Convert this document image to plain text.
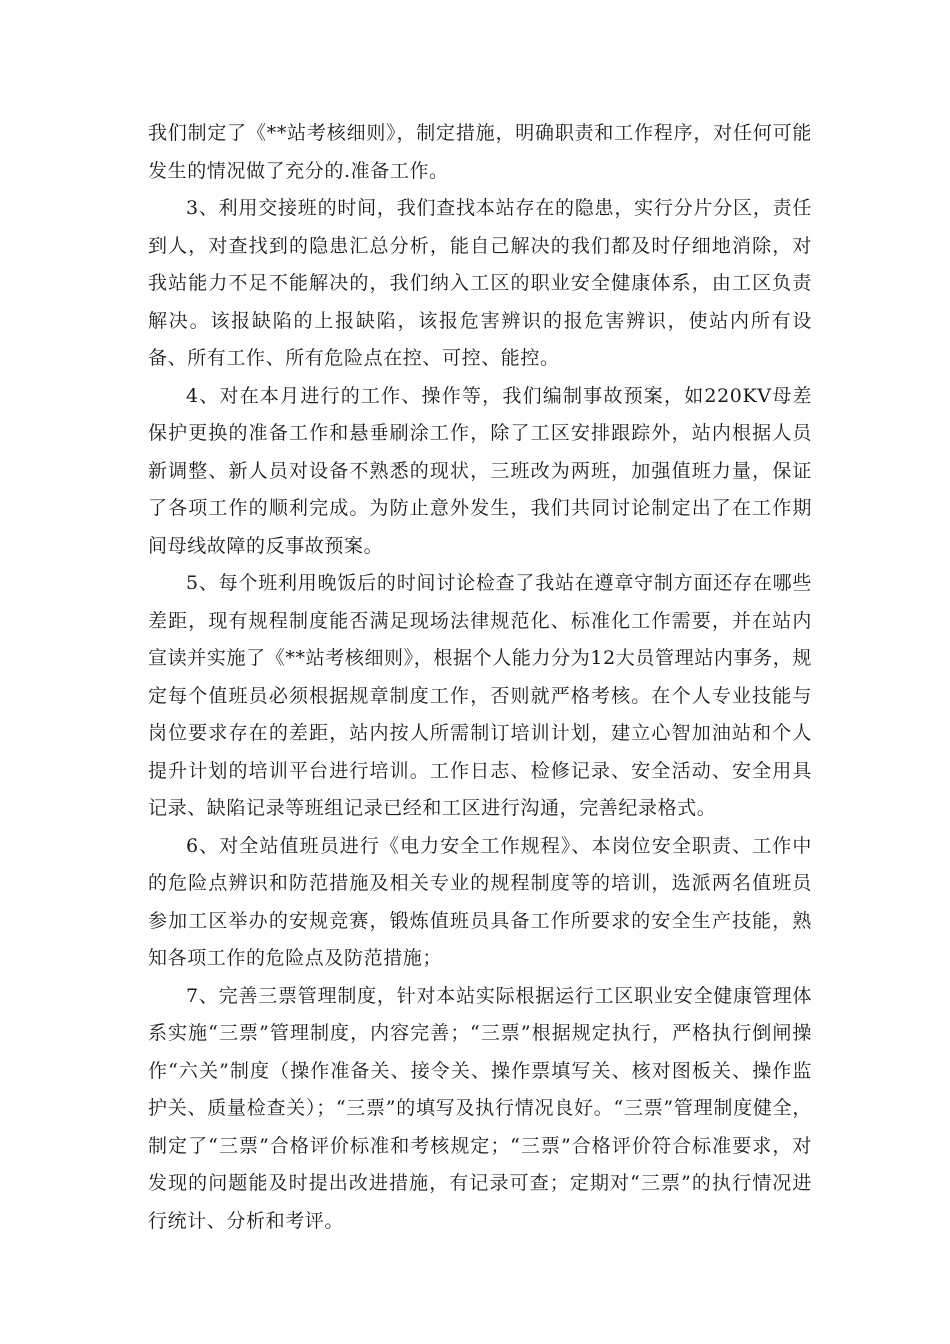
我们制定了《**站考核细则》，制定措施，明确职责和工作程序，对任何可能发生的情况做了充分的.准备工作。

3、利用交接班的时间，我们查找本站存在的隐患，实行分片分区，责任到人，对查找到的隐患汇总分析，能自己解决的我们都及时仔细地消除，对我站能力不足不能解决的，我们纳入工区的职业安全健康体系，由工区负责解决。该报缺陷的上报缺陷，该报危害辨识的报危害辨识，使站内所有设备、所有工作、所有危险点在控、可控、能控。

4、对在本月进行的工作、操作等，我们编制事故预案，如220KV母差保护更换的准备工作和悬垂刷涂工作，除了工区安排跟踪外，站内根据人员新调整、新人员对设备不熟悉的现状，三班改为两班，加强值班力量，保证了各项工作的顺利完成。为防止意外发生，我们共同讨论制定出了在工作期间母线故障的反事故预案。

5、每个班利用晚饭后的时间讨论检查了我站在遵章守制方面还存在哪些差距，现有规程制度能否满足现场法律规范化、标准化工作需要，并在站内宣读并实施了《**站考核细则》，根据个人能力分为12大员管理站内事务，规定每个值班员必须根据规章制度工作，否则就严格考核。在个人专业技能与岗位要求存在的差距，站内按人所需制订培训计划，建立心智加油站和个人提升计划的培训平台进行培训。工作日志、检修记录、安全活动、安全用具记录、缺陷记录等班组记录已经和工区进行沟通，完善纪录格式。

6、对全站值班员进行《电力安全工作规程》、本岗位安全职责、工作中的危险点辨识和防范措施及相关专业的规程制度等的培训，选派两名值班员参加工区举办的安规竞赛，锻炼值班员具备工作所要求的安全生产技能，熟知各项工作的危险点及防范措施；

7、完善三票管理制度，针对本站实际根据运行工区职业安全健康管理体系实施“三票”管理制度，内容完善；“三票”根据规定执行，严格执行倒闸操作“六关”制度（操作准备关、接令关、操作票填写关、核对图板关、操作监护关、质量检查关）；“三票”的填写及执行情况良好。“三票”管理制度健全，制定了“三票”合格评价标准和考核规定；“三票”合格评价符合标准要求，对发现的问题能及时提出改进措施，有记录可查；定期对“三票”的执行情况进行统计、分析和考评。
